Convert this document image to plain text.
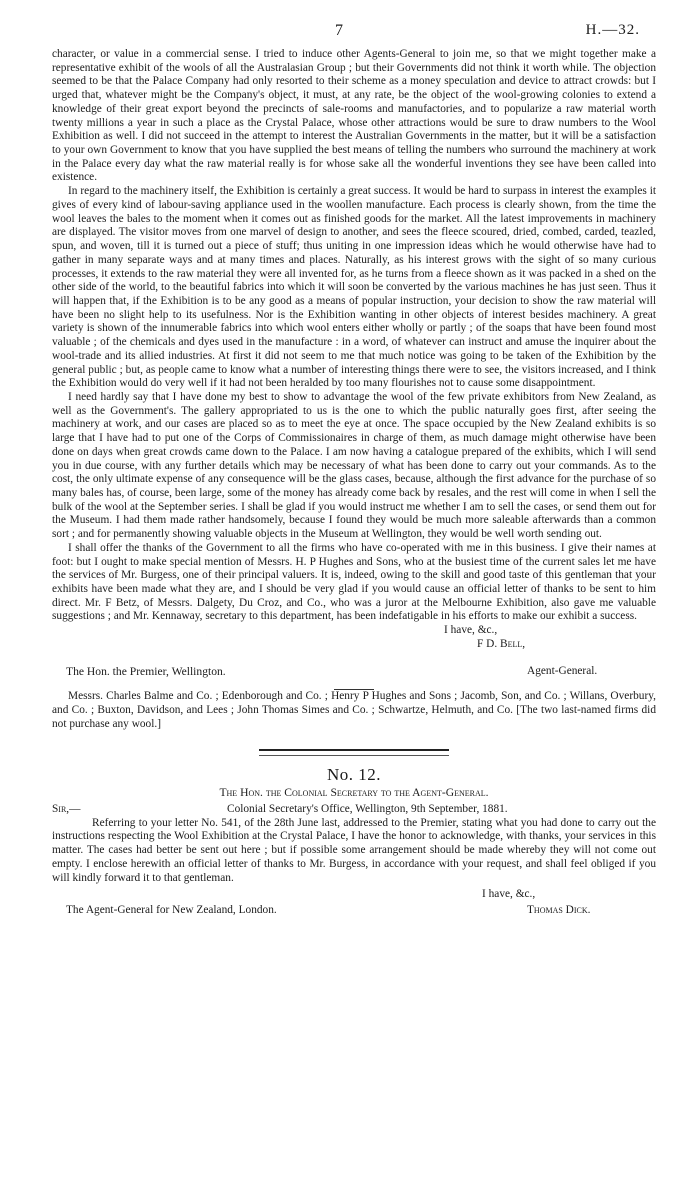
7	H.—32.

character, or value in a commercial sense. I tried to induce other Agents-General to join me, so that we might together make a representative exhibit of the wools of all the Australasian Group ; but their Governments did not think it worth while. The objection seemed to be that the Palace Company had only resorted to their scheme as a money speculation and device to attract crowds: but I urged that, whatever might be the Company's object, it must, at any rate, be the object of the wool-growing colonies to extend a knowledge of their great export beyond the precincts of sale-rooms and manufactories, and to popularize a raw material worth twenty millions a year in such a place as the Crystal Palace, whose other attractions would be sure to draw numbers to the Wool Exhibition as well. I did not succeed in the attempt to interest the Australian Governments in the matter, but it will be a satisfaction to your own Government to know that you have supplied the best means of telling the numbers who surround the machinery at work in the Palace every day what the raw material really is for whose sake all the wonderful inventions they see have been called into existence.

In regard to the machinery itself, the Exhibition is certainly a great success. It would be hard to surpass in interest the examples it gives of every kind of labour-saving appliance used in the woollen manufacture. Each process is clearly shown, from the time the wool leaves the bales to the moment when it comes out as finished goods for the market. All the latest improvements in machinery are displayed. The visitor moves from one marvel of design to another, and sees the fleece scoured, dried, combed, carded, teazled, spun, and woven, till it is turned out a piece of stuff; thus uniting in one impression ideas which he would otherwise have had to gather in many separate ways and at many times and places. Naturally, as his interest grows with the sight of so many curious processes, it extends to the raw material they were all invented for, as he turns from a fleece shown as it was packed in a shed on the other side of the world, to the beautiful fabrics into which it will soon be converted by the various machines he has just seen. Thus it will happen that, if the Exhibition is to be any good as a means of popular instruction, your decision to show the raw material will have been no slight help to its usefulness. Nor is the Exhibition wanting in other objects of interest besides machinery. A great variety is shown of the innumerable fabrics into which wool enters either wholly or partly ; of the soaps that have been found most valuable ; of the chemicals and dyes used in the manufacture : in a word, of whatever can instruct and amuse the inquirer about the wool-trade and its allied industries. At first it did not seem to me that much notice was going to be taken of the Exhibition by the general public ; but, as people came to know what a number of interesting things there were to see, the visitors increased, and I think the Exhibition would do very well if it had not been heralded by too many flourishes not to cause some disappointment.

I need hardly say that I have done my best to show to advantage the wool of the few private exhibitors from New Zealand, as well as the Government's. The gallery appropriated to us is the one to which the public naturally goes first, after seeing the machinery at work, and our cases are placed so as to meet the eye at once. The space occupied by the New Zealand exhibits is so large that I have had to put one of the Corps of Commissionaires in charge of them, as much damage might otherwise have been done on days when great crowds came down to the Palace. I am now having a catalogue prepared of the exhibits, which I will send you in due course, with any further details which may be necessary of what has been done to carry out your commands. As to the cost, the only ultimate expense of any consequence will be the glass cases, because, although the first advance for the purchase of so many bales has, of course, been large, some of the money has already come back by resales, and the rest will come in when I sell the bulk of the wool at the September series. I shall be glad if you would instruct me whether I am to sell the cases, or send them out for the Museum. I had them made rather handsomely, because I found they would be much more saleable afterwards than a common sort ; and for permanently showing valuable objects in the Museum at Wellington, they would be well worth sending out.

I shall offer the thanks of the Government to all the firms who have co-operated with me in this business. I give their names at foot: but I ought to make special mention of Messrs. H. P Hughes and Sons, who at the busiest time of the current sales let me have the services of Mr. Burgess, one of their principal valuers. It is, indeed, owing to the skill and good taste of this gentleman that your exhibits have been made what they are, and I should be very glad if you would cause an official letter of thanks to be sent to him direct. Mr. F Betz, of Messrs. Dalgety, Du Croz, and Co., who was a juror at the Melbourne Exhibition, also gave me valuable suggestions ; and Mr. Kennaway, secretary to this department, has been indefatigable in his efforts to make our exhibit a success.

I have, &c.,
F D. Bell,
The Hon. the Premier, Wellington.	Agent-General.

Messrs. Charles Balme and Co. ; Edenborough and Co. ; Henry P Hughes and Sons ; Jacomb, Son, and Co. ; Willans, Overbury, and Co. ; Buxton, Davidson, and Lees ; John Thomas Simes and Co. ; Schwartze, Helmuth, and Co. [The two last-named firms did not purchase any wool.]

No. 12.
The Hon. the Colonial Secretary to the Agent-General.
Sir,—	Colonial Secretary's Office, Wellington, 9th September, 1881.

Referring to your letter No. 541, of the 28th June last, addressed to the Premier, stating what you had done to carry out the instructions respecting the Wool Exhibition at the Crystal Palace, I have the honor to acknowledge, with thanks, your services in this matter. The cases had better be sent out here ; but if possible some arrangement should be made whereby they will not come out empty. I enclose herewith an official letter of thanks to Mr. Burgess, in accordance with your request, and shall feel obliged if you will kindly forward it to that gentleman.

I have, &c.,
The Agent-General for New Zealand, London.	Thomas Dick.
